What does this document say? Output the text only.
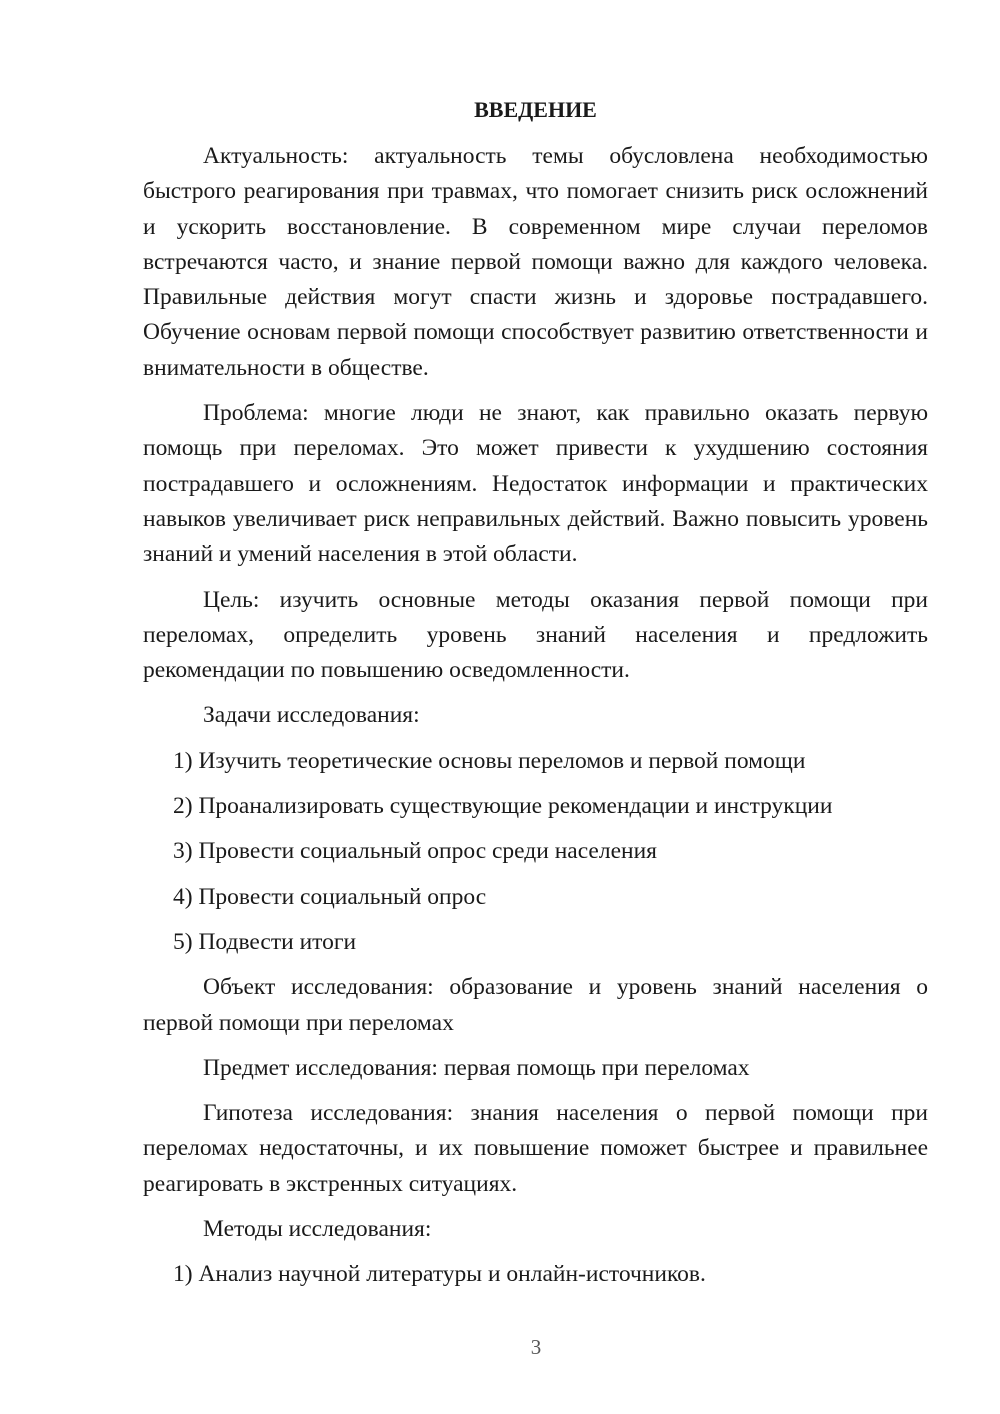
ВВЕДЕНИЕ

Актуальность: актуальность темы обусловлена необходимостью быстрого реагирования при травмах, что помогает снизить риск осложнений и ускорить восстановление. В современном мире случаи переломов встречаются часто, и знание первой помощи важно для каждого человека. Правильные действия могут спасти жизнь и здоровье пострадавшего. Обучение основам первой помощи способствует развитию ответственности и внимательности в обществе.

Проблема: многие люди не знают, как правильно оказать первую помощь при переломах. Это может привести к ухудшению состояния пострадавшего и осложнениям. Недостаток информации и практических навыков увеличивает риск неправильных действий. Важно повысить уровень знаний и умений населения в этой области.

Цель: изучить основные методы оказания первой помощи при переломах, определить уровень знаний населения и предложить рекомендации по повышению осведомленности.

Задачи исследования:

1) Изучить теоретические основы переломов и первой помощи

2) Проанализировать существующие рекомендации и инструкции

3) Провести социальный опрос среди населения

4) Провести социальный опрос

5) Подвести итоги

Объект исследования: образование и уровень знаний населения о первой помощи при переломах

Предмет исследования: первая помощь при переломах

Гипотеза исследования: знания населения о первой помощи при переломах недостаточны, и их повышение поможет быстрее и правильнее реагировать в экстренных ситуациях.

Методы исследования:

1) Анализ научной литературы и онлайн-источников.

3
